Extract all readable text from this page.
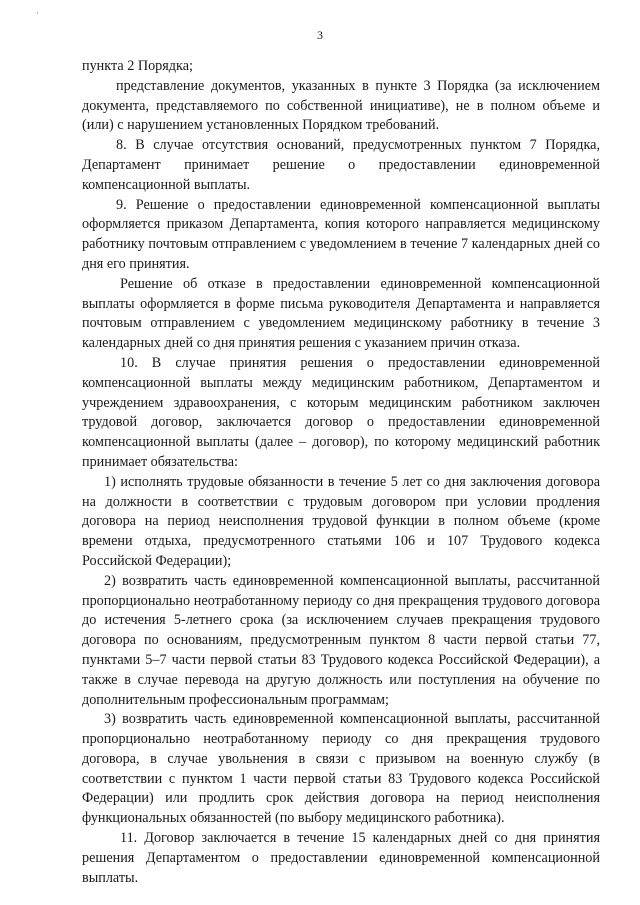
·
3

пункта 2 Порядка;

представление документов, указанных в пункте 3 Порядка (за исключением документа, представляемого по собственной инициативе), не в полном объеме и (или) с нарушением установленных Порядком требований.

8. В случае отсутствия оснований, предусмотренных пунктом 7 Порядка, Департамент принимает решение о предоставлении единовременной компенсационной выплаты.

9. Решение о предоставлении единовременной компенсационной выплаты оформляется приказом Департамента, копия которого направляется медицинскому работнику почтовым отправлением с уведомлением в течение 7 календарных дней со дня его принятия.

Решение об отказе в предоставлении единовременной компенсационной выплаты оформляется в форме письма руководителя Департамента и направляется почтовым отправлением с уведомлением медицинскому работнику в течение 3 календарных дней со дня принятия решения с указанием причин отказа.

10. В случае принятия решения о предоставлении единовременной компенсационной выплаты между медицинским работником, Департаментом и учреждением здравоохранения, с которым медицинским работником заключен трудовой договор, заключается договор о предоставлении единовременной компенсационной выплаты (далее – договор), по которому медицинский работник принимает обязательства:

1) исполнять трудовые обязанности в течение 5 лет со дня заключения договора на должности в соответствии с трудовым договором при условии продления договора на период неисполнения трудовой функции в полном объеме (кроме времени отдыха, предусмотренного статьями 106 и 107 Трудового кодекса Российской Федерации);

2) возвратить часть единовременной компенсационной выплаты, рассчитанной пропорционально неотработанному периоду со дня прекращения трудового договора до истечения 5-летнего срока (за исключением случаев прекращения трудового договора по основаниям, предусмотренным пунктом 8 части первой статьи 77, пунктами 5–7 части первой статьи 83 Трудового кодекса Российской Федерации), а также в случае перевода на другую должность или поступления на обучение по дополнительным профессиональным программам;

3) возвратить часть единовременной компенсационной выплаты, рассчитанной пропорционально неотработанному периоду со дня прекращения трудового договора, в случае увольнения в связи с призывом на военную службу (в соответствии с пунктом 1 части первой статьи 83 Трудового кодекса Российской Федерации) или продлить срок действия договора на период неисполнения функциональных обязанностей (по выбору медицинского работника).

11. Договор заключается в течение 15 календарных дней со дня принятия решения Департаментом о предоставлении единовременной компенсационной выплаты.
